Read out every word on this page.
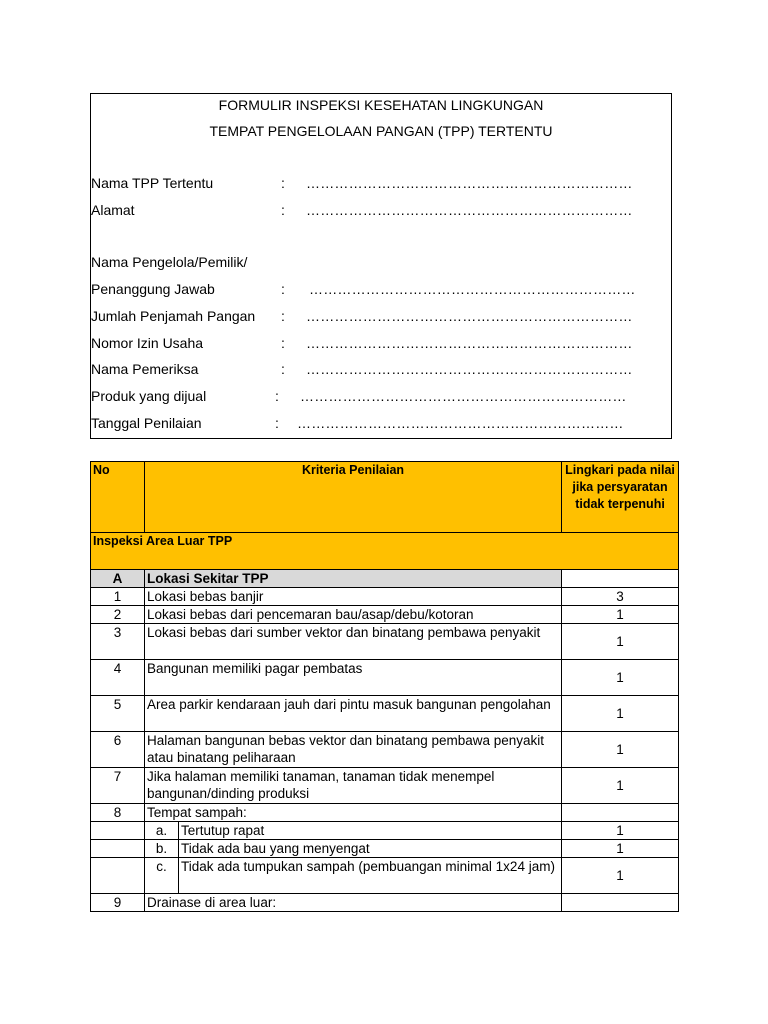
FORMULIR INSPEKSI KESEHATAN LINGKUNGAN
TEMPAT PENGELOLAAN PANGAN (TPP) TERTENTU
Nama TPP Tertentu	: ……………………………………………………………
Alamat	: ……………………………………………………………
Nama Pengelola/Pemilik/
Penanggung Jawab	: ……………………………………………………………
Jumlah Penjamah Pangan : ……………………………………………………………
Nomor Izin Usaha	: ……………………………………………………………
Nama Pemeriksa	: ……………………………………………………………
Produk yang dijual	: ……………………………………………………………
Tanggal Penilaian	: ……………………………………………………………
No	Kriteria Penilaian		Lingkari pada nilai jika persyaratan tidak terpenuhi
Inspeksi Area Luar TPP			
A	Lokasi Sekitar TPP		
1	Lokasi bebas banjir		3
2	Lokasi bebas dari pencemaran bau/asap/debu/kotoran		1
3	Lokasi bebas dari sumber vektor dan binatang pembawa penyakit		1
4	Bangunan memiliki pagar pembatas		1
5	Area parkir kendaraan jauh dari pintu masuk bangunan pengolahan		1
6	Halaman bangunan bebas vektor dan binatang pembawa penyakit atau binatang peliharaan		1
7	Jika halaman memiliki tanaman, tanaman tidak menempel bangunan/dinding produksi		1
8	Tempat sampah:		
	a.	Tertutup rapat	1
	b.	Tidak ada bau yang menyengat	1
	c.	Tidak ada tumpukan sampah (pembuangan minimal 1x24 jam)	1
9	Drainase di area luar:		
